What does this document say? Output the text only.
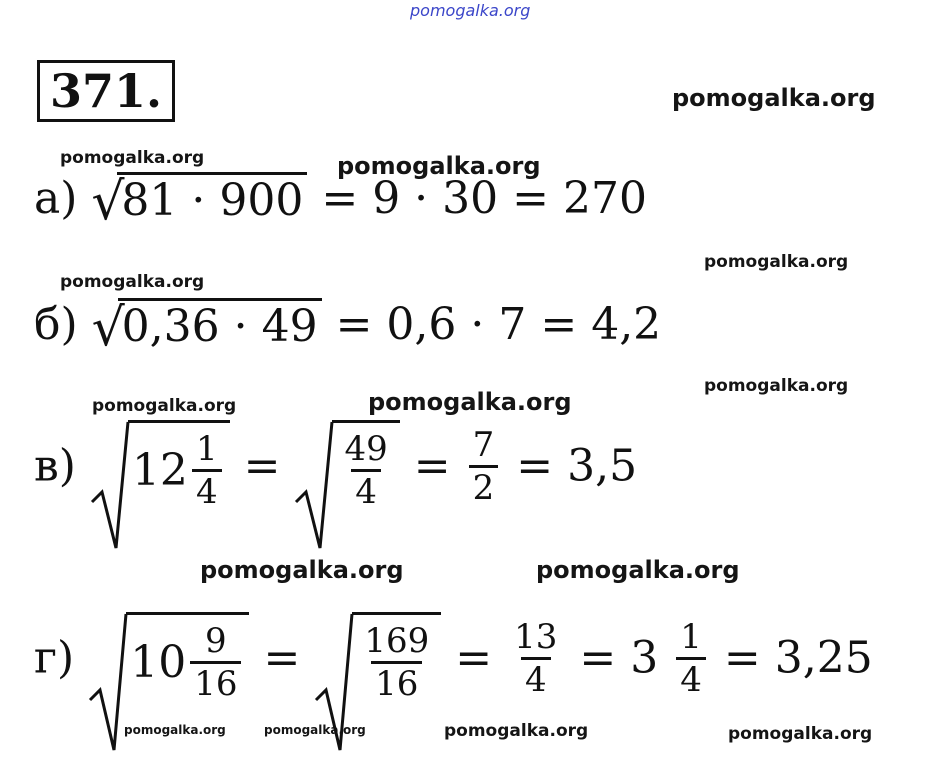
pomogalka.org
pomogalka.org
pomogalka.org	pomogalka.org
pomogalka.org
pomogalka.org
pomogalka.org
pomogalka.org	pomogalka.org
pomogalka.org	pomogalka.org
pomogalka.org	pomogalka.org	pomogalka.org	pomogalka.org
371.
а) √
81 · 900 = 9 · 30 = 270
б) √
0,36 · 49 = 0,6 · 7 = 4,2
в) $12 \frac{1}{4} = \frac{49}{4} = \frac{7}{2} = 3,5$
г) $10 \frac{9}{16} = \frac{169}{16} = \frac{13}{4} = 3 \frac{1}{4} = 3,25$
